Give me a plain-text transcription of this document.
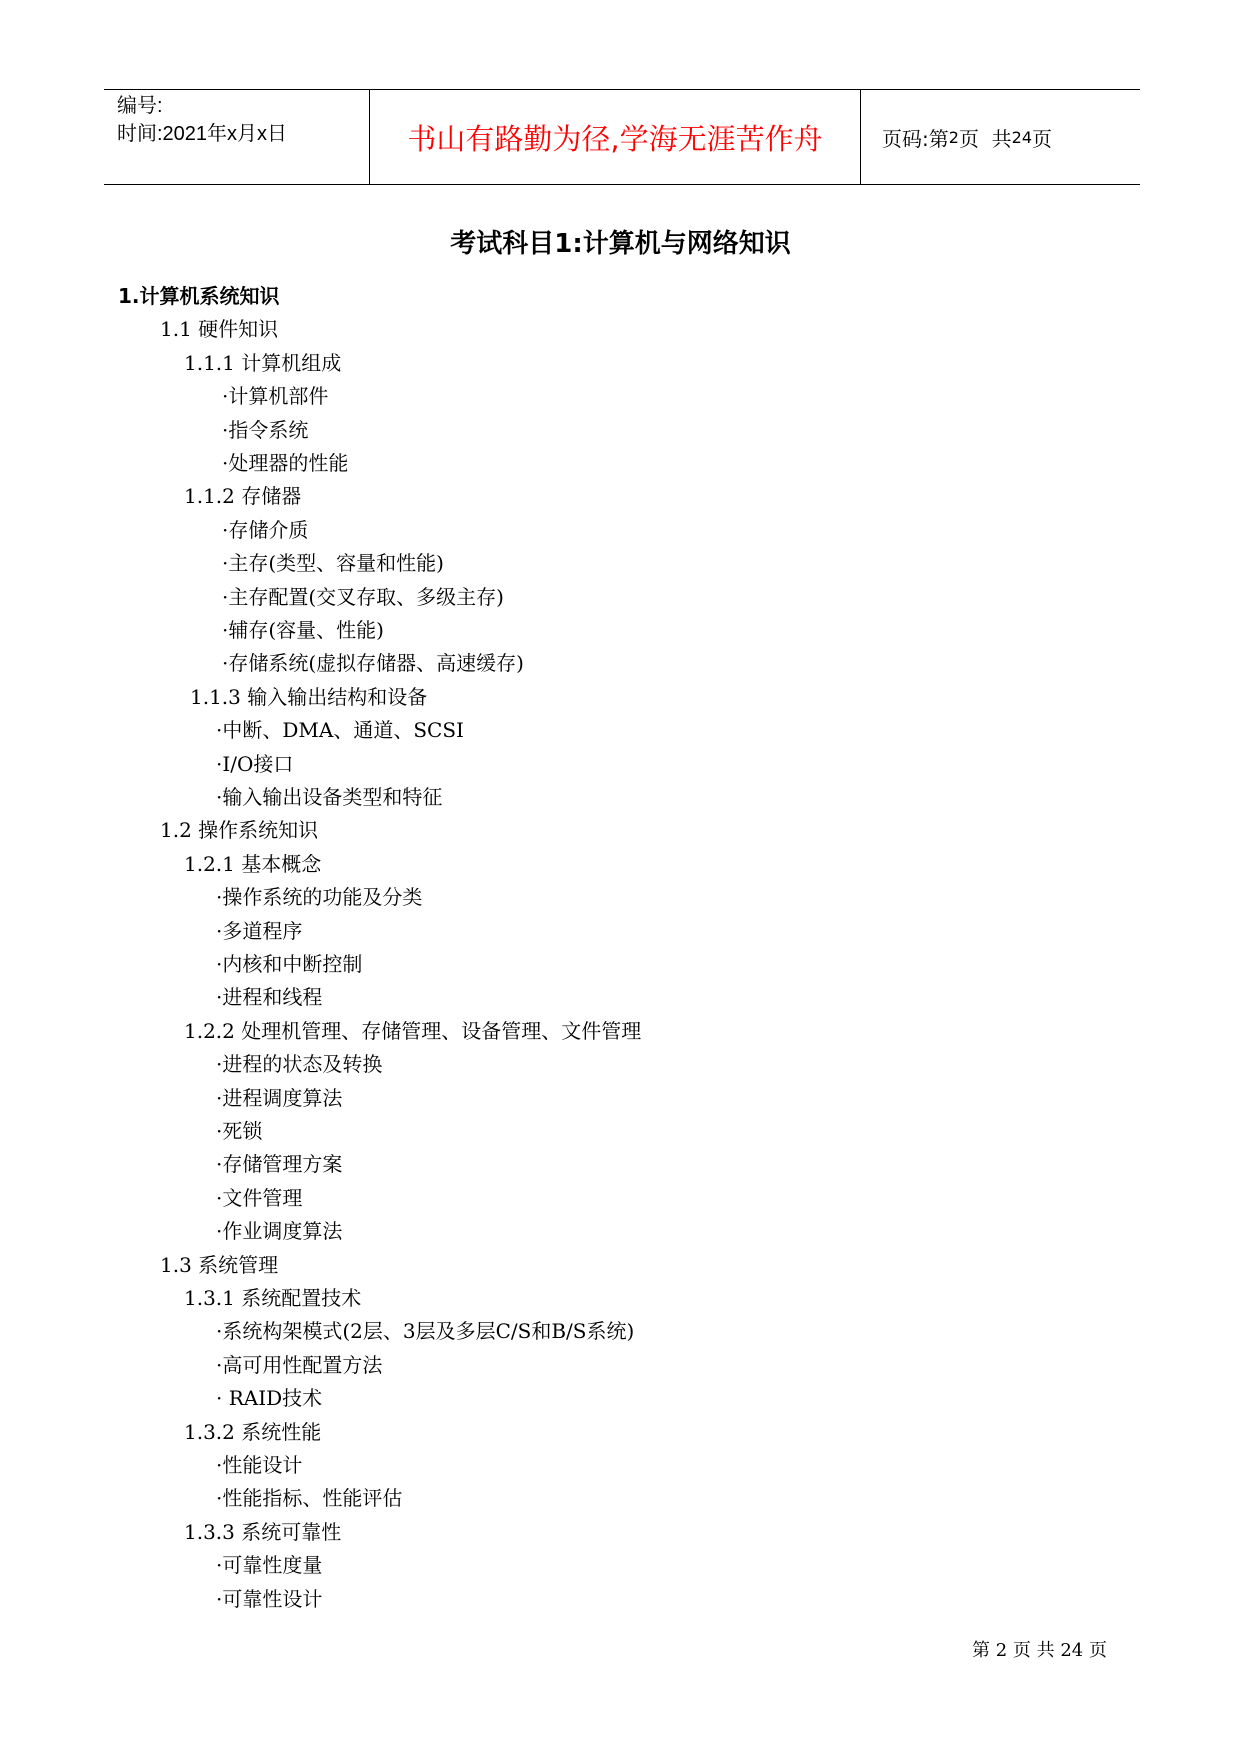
编号:
时间:2021年x月x日	书山有路勤为径,学海无涯苦作舟	页码:第 2 页  共 24 页
考试科目1:计算机与网络知识
1.计算机系统知识
1.1 硬件知识
1.1.1 计算机组成
·计算机部件
·指令系统
·处理器的性能
1.1.2 存储器
·存储介质
·主存(类型、容量和性能)
·主存配置(交叉存取、多级主存)
·辅存(容量、性能)
·存储系统(虚拟存储器、高速缓存)
1.1.3 输入输出结构和设备
·中断、DMA、通道、SCSI
·I/O接口
·输入输出设备类型和特征
1.2 操作系统知识
1.2.1 基本概念
·操作系统的功能及分类
·多道程序
·内核和中断控制
·进程和线程
1.2.2 处理机管理、存储管理、设备管理、文件管理
·进程的状态及转换
·进程调度算法
·死锁
·存储管理方案
·文件管理
·作业调度算法
1.3 系统管理
1.3.1 系统配置技术
·系统构架模式(2层、3层及多层C/S和B/S系统)
·高可用性配置方法
· RAID技术
1.3.2 系统性能
·性能设计
·性能指标、性能评估
1.3.3 系统可靠性
·可靠性度量
·可靠性设计
第 2 页 共 24 页
